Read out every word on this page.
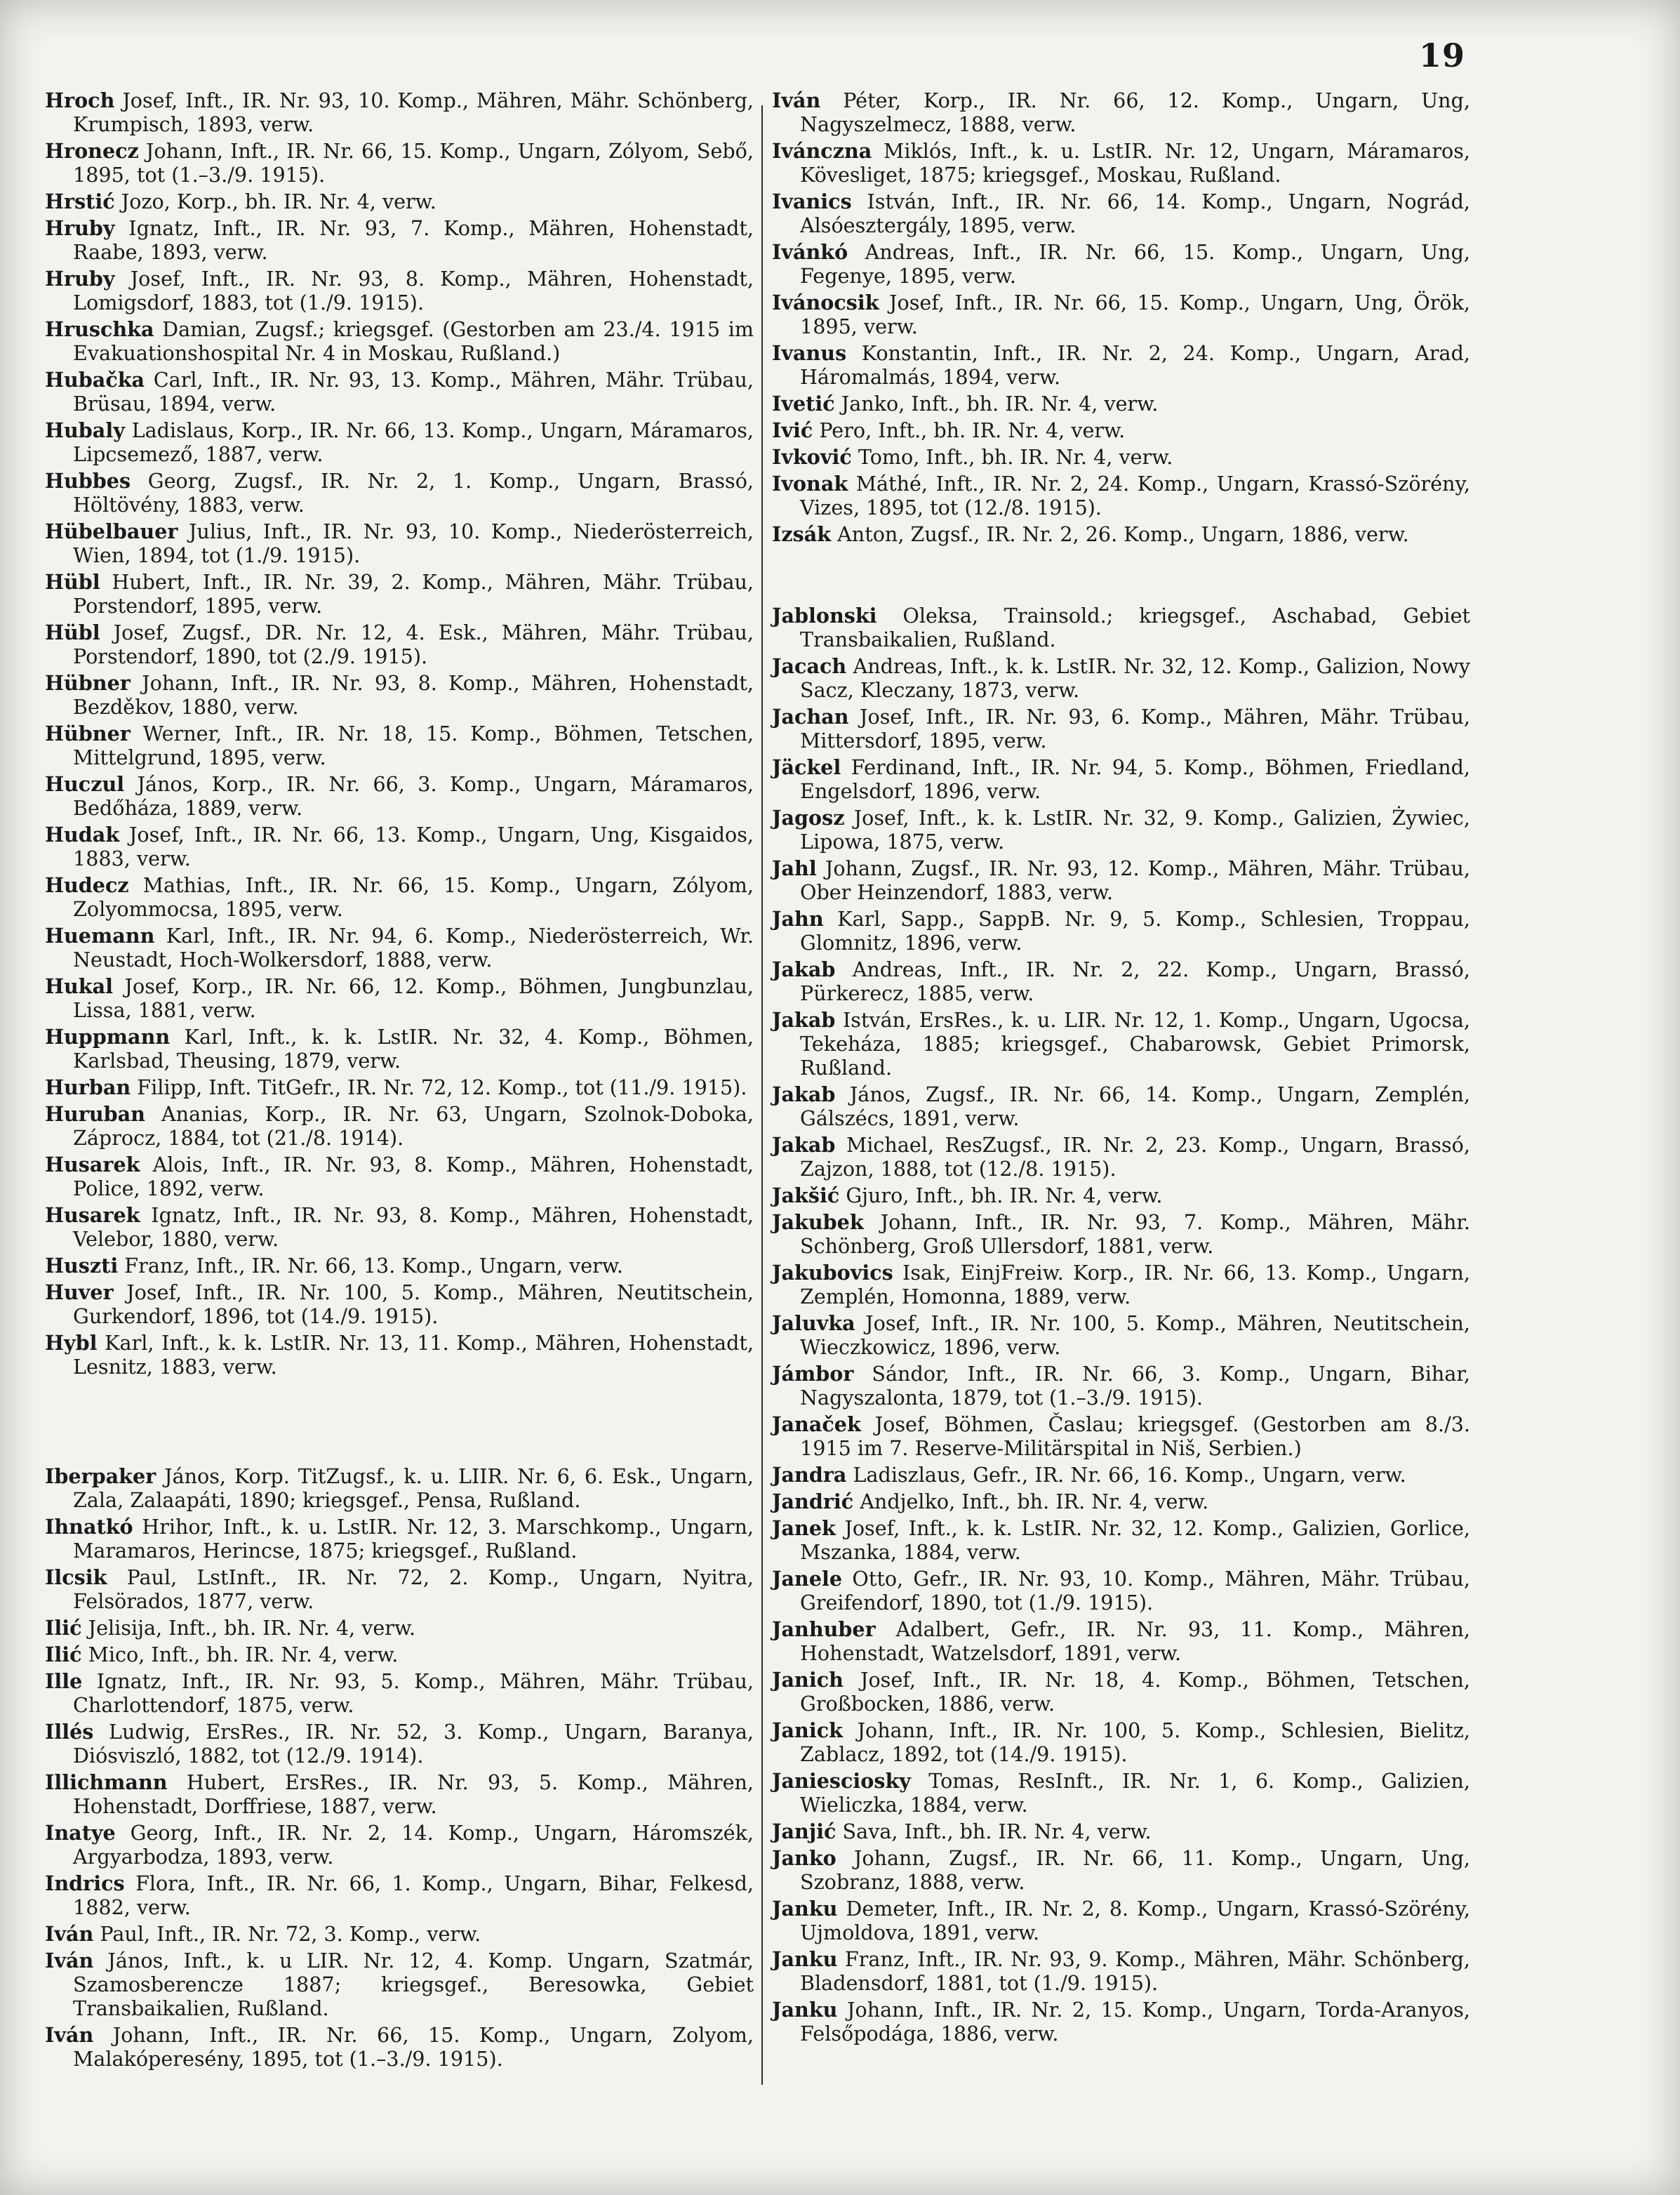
19

Hroch Josef, Inft., IR. Nr. 93, 10. Komp., Mähren, Mähr. Schönberg, Krumpisch, 1893, verw.

Hronecz Johann, Inft., IR. Nr. 66, 15. Komp., Ungarn, Zólyom, Sebő, 1895, tot (1.–3./9. 1915).

Hrstić Jozo, Korp., bh. IR. Nr. 4, verw.

Hruby Ignatz, Inft., IR. Nr. 93, 7. Komp., Mähren, Hohenstadt, Raabe, 1893, verw.

Hruby Josef, Inft., IR. Nr. 93, 8. Komp., Mähren, Hohenstadt, Lomigsdorf, 1883, tot (1./9. 1915).

Hruschka Damian, Zugsf.; kriegsgef. (Gestorben am 23./4. 1915 im Evakuationshospital Nr. 4 in Moskau, Rußland.)

Hubačka Carl, Inft., IR. Nr. 93, 13. Komp., Mähren, Mähr. Trübau, Brüsau, 1894, verw.

Hubaly Ladislaus, Korp., IR. Nr. 66, 13. Komp., Ungarn, Máramaros, Lipcsemező, 1887, verw.

Hubbes Georg, Zugsf., IR. Nr. 2, 1. Komp., Ungarn, Brassó, Höltövény, 1883, verw.

Hübelbauer Julius, Inft., IR. Nr. 93, 10. Komp., Niederösterreich, Wien, 1894, tot (1./9. 1915).

Hübl Hubert, Inft., IR. Nr. 39, 2. Komp., Mähren, Mähr. Trübau, Porstendorf, 1895, verw.

Hübl Josef, Zugsf., DR. Nr. 12, 4. Esk., Mähren, Mähr. Trübau, Porstendorf, 1890, tot (2./9. 1915).

Hübner Johann, Inft., IR. Nr. 93, 8. Komp., Mähren, Hohenstadt, Bezděkov, 1880, verw.

Hübner Werner, Inft., IR. Nr. 18, 15. Komp., Böhmen, Tetschen, Mittelgrund, 1895, verw.

Huczul János, Korp., IR. Nr. 66, 3. Komp., Ungarn, Máramaros, Bedőháza, 1889, verw.

Hudak Josef, Inft., IR. Nr. 66, 13. Komp., Ungarn, Ung, Kisgaidos, 1883, verw.

Hudecz Mathias, Inft., IR. Nr. 66, 15. Komp., Ungarn, Zólyom, Zolyommocsa, 1895, verw.

Huemann Karl, Inft., IR. Nr. 94, 6. Komp., Niederösterreich, Wr. Neustadt, Hoch-Wolkersdorf, 1888, verw.

Hukal Josef, Korp., IR. Nr. 66, 12. Komp., Böhmen, Jungbunzlau, Lissa, 1881, verw.

Huppmann Karl, Inft., k. k. LstIR. Nr. 32, 4. Komp., Böhmen, Karlsbad, Theusing, 1879, verw.

Hurban Filipp, Inft. TitGefr., IR. Nr. 72, 12. Komp., tot (11./9. 1915).

Huruban Ananias, Korp., IR. Nr. 63, Ungarn, Szolnok-Doboka, Záprocz, 1884, tot (21./8. 1914).

Husarek Alois, Inft., IR. Nr. 93, 8. Komp., Mähren, Hohenstadt, Police, 1892, verw.

Husarek Ignatz, Inft., IR. Nr. 93, 8. Komp., Mähren, Hohenstadt, Velebor, 1880, verw.

Huszti Franz, Inft., IR. Nr. 66, 13. Komp., Ungarn, verw.

Huver Josef, Inft., IR. Nr. 100, 5. Komp., Mähren, Neutitschein, Gurkendorf, 1896, tot (14./9. 1915).

Hybl Karl, Inft., k. k. LstIR. Nr. 13, 11. Komp., Mähren, Hohenstadt, Lesnitz, 1883, verw.

Iberpaker János, Korp. TitZugsf., k. u. LIIR. Nr. 6, 6. Esk., Ungarn, Zala, Zalaapáti, 1890; kriegsgef., Pensa, Rußland.

Ihnatkó Hrihor, Inft., k. u. LstIR. Nr. 12, 3. Marschkomp., Ungarn, Maramaros, Herincse, 1875; kriegsgef., Rußland.

Ilcsik Paul, LstInft., IR. Nr. 72, 2. Komp., Ungarn, Nyitra, Felsörados, 1877, verw.

Ilić Jelisija, Inft., bh. IR. Nr. 4, verw.

Ilić Mico, Inft., bh. IR. Nr. 4, verw.

Ille Ignatz, Inft., IR. Nr. 93, 5. Komp., Mähren, Mähr. Trübau, Charlottendorf, 1875, verw.

Illés Ludwig, ErsRes., IR. Nr. 52, 3. Komp., Ungarn, Baranya, Diósviszló, 1882, tot (12./9. 1914).

Illichmann Hubert, ErsRes., IR. Nr. 93, 5. Komp., Mähren, Hohenstadt, Dorffriese, 1887, verw.

Inatye Georg, Inft., IR. Nr. 2, 14. Komp., Ungarn, Háromszék, Argyarbodza, 1893, verw.

Indrics Flora, Inft., IR. Nr. 66, 1. Komp., Ungarn, Bihar, Felkesd, 1882, verw.

Iván Paul, Inft., IR. Nr. 72, 3. Komp., verw.

Iván János, Inft., k. u LIR. Nr. 12, 4. Komp. Ungarn, Szatmár, Szamosberencze 1887; kriegsgef., Beresowka, Gebiet Transbaikalien, Rußland.

Iván Johann, Inft., IR. Nr. 66, 15. Komp., Ungarn, Zolyom, Malakóperesény, 1895, tot (1.–3./9. 1915).

Iván Péter, Korp., IR. Nr. 66, 12. Komp., Ungarn, Ung, Nagyszelmecz, 1888, verw.

Ivánczna Miklós, Inft., k. u. LstIR. Nr. 12, Ungarn, Máramaros, Kövesliget, 1875; kriegsgef., Moskau, Rußland.

Ivanics István, Inft., IR. Nr. 66, 14. Komp., Ungarn, Nográd, Alsóesztergály, 1895, verw.

Ivánkó Andreas, Inft., IR. Nr. 66, 15. Komp., Ungarn, Ung, Fegenye, 1895, verw.

Ivánocsik Josef, Inft., IR. Nr. 66, 15. Komp., Ungarn, Ung, Örök, 1895, verw.

Ivanus Konstantin, Inft., IR. Nr. 2, 24. Komp., Ungarn, Arad, Háromalmás, 1894, verw.

Ivetić Janko, Inft., bh. IR. Nr. 4, verw.

Ivić Pero, Inft., bh. IR. Nr. 4, verw.

Ivković Tomo, Inft., bh. IR. Nr. 4, verw.

Ivonak Máthé, Inft., IR. Nr. 2, 24. Komp., Ungarn, Krassó-Szörény, Vizes, 1895, tot (12./8. 1915).

Izsák Anton, Zugsf., IR. Nr. 2, 26. Komp., Ungarn, 1886, verw.

Jablonski Oleksa, Trainsold.; kriegsgef., Aschabad, Gebiet Transbaikalien, Rußland.

Jacach Andreas, Inft., k. k. LstIR. Nr. 32, 12. Komp., Galizion, Nowy Sacz, Kleczany, 1873, verw.

Jachan Josef, Inft., IR. Nr. 93, 6. Komp., Mähren, Mähr. Trübau, Mittersdorf, 1895, verw.

Jäckel Ferdinand, Inft., IR. Nr. 94, 5. Komp., Böhmen, Friedland, Engelsdorf, 1896, verw.

Jagosz Josef, Inft., k. k. LstIR. Nr. 32, 9. Komp., Galizien, Żywiec, Lipowa, 1875, verw.

Jahl Johann, Zugsf., IR. Nr. 93, 12. Komp., Mähren, Mähr. Trübau, Ober Heinzendorf, 1883, verw.

Jahn Karl, Sapp., SappB. Nr. 9, 5. Komp., Schlesien, Troppau, Glomnitz, 1896, verw.

Jakab Andreas, Inft., IR. Nr. 2, 22. Komp., Ungarn, Brassó, Pürkerecz, 1885, verw.

Jakab István, ErsRes., k. u. LIR. Nr. 12, 1. Komp., Ungarn, Ugocsa, Tekeháza, 1885; kriegsgef., Chabarowsk, Gebiet Primorsk, Rußland.

Jakab János, Zugsf., IR. Nr. 66, 14. Komp., Ungarn, Zemplén, Gálszécs, 1891, verw.

Jakab Michael, ResZugsf., IR. Nr. 2, 23. Komp., Ungarn, Brassó, Zajzon, 1888, tot (12./8. 1915).

Jakšić Gjuro, Inft., bh. IR. Nr. 4, verw.

Jakubek Johann, Inft., IR. Nr. 93, 7. Komp., Mähren, Mähr. Schönberg, Groß Ullersdorf, 1881, verw.

Jakubovics Isak, EinjFreiw. Korp., IR. Nr. 66, 13. Komp., Ungarn, Zemplén, Homonna, 1889, verw.

Jaluvka Josef, Inft., IR. Nr. 100, 5. Komp., Mähren, Neutitschein, Wieczkowicz, 1896, verw.

Jámbor Sándor, Inft., IR. Nr. 66, 3. Komp., Ungarn, Bihar, Nagyszalonta, 1879, tot (1.–3./9. 1915).

Janaček Josef, Böhmen, Časlau; kriegsgef. (Gestorben am 8./3. 1915 im 7. Reserve-Militärspital in Niš, Serbien.)

Jandra Ladiszlaus, Gefr., IR. Nr. 66, 16. Komp., Ungarn, verw.

Jandrić Andjelko, Inft., bh. IR. Nr. 4, verw.

Janek Josef, Inft., k. k. LstIR. Nr. 32, 12. Komp., Galizien, Gorlice, Mszanka, 1884, verw.

Janele Otto, Gefr., IR. Nr. 93, 10. Komp., Mähren, Mähr. Trübau, Greifendorf, 1890, tot (1./9. 1915).

Janhuber Adalbert, Gefr., IR. Nr. 93, 11. Komp., Mähren, Hohenstadt, Watzelsdorf, 1891, verw.

Janich Josef, Inft., IR. Nr. 18, 4. Komp., Böhmen, Tetschen, Großbocken, 1886, verw.

Janick Johann, Inft., IR. Nr. 100, 5. Komp., Schlesien, Bielitz, Zablacz, 1892, tot (14./9. 1915).

Janiesciosky Tomas, ResInft., IR. Nr. 1, 6. Komp., Galizien, Wieliczka, 1884, verw.

Janjić Sava, Inft., bh. IR. Nr. 4, verw.

Janko Johann, Zugsf., IR. Nr. 66, 11. Komp., Ungarn, Ung, Szobranz, 1888, verw.

Janku Demeter, Inft., IR. Nr. 2, 8. Komp., Ungarn, Krassó-Szörény, Ujmoldova, 1891, verw.

Janku Franz, Inft., IR. Nr. 93, 9. Komp., Mähren, Mähr. Schönberg, Bladensdorf, 1881, tot (1./9. 1915).

Janku Johann, Inft., IR. Nr. 2, 15. Komp., Ungarn, Torda-Aranyos, Felsőpodága, 1886, verw.
